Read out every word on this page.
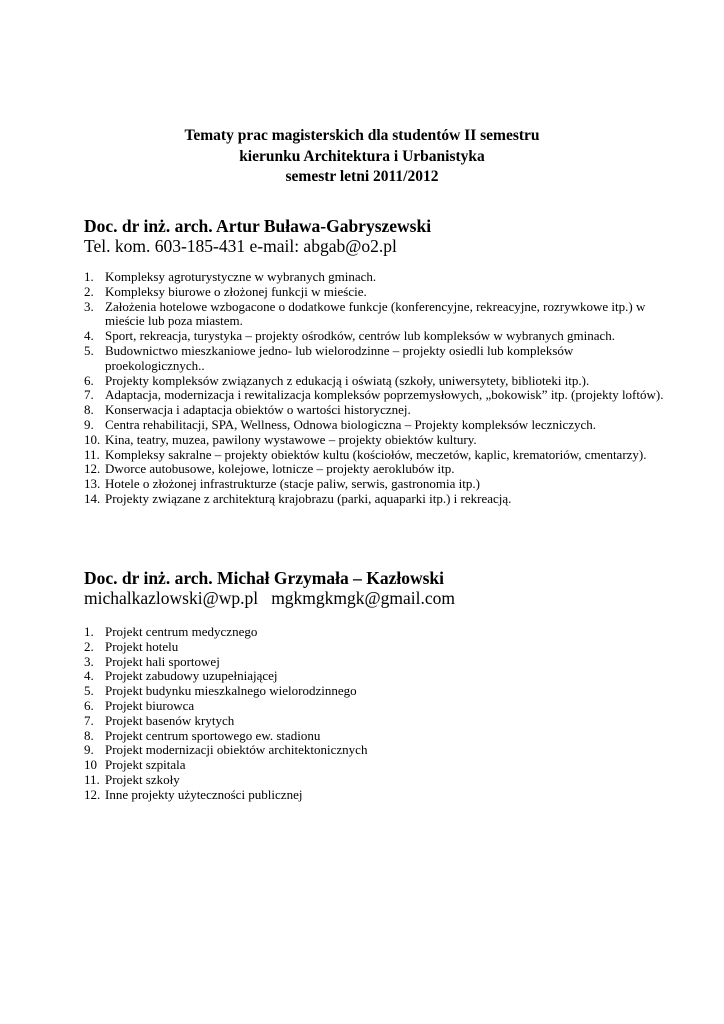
Tematy prac magisterskich dla studentów II semestru
kierunku Architektura i Urbanistyka
semestr letni 2011/2012
Doc. dr inż. arch. Artur Buława-Gabryszewski
Tel. kom. 603-185-431 e-mail: abgab@o2.pl
1. Kompleksy agroturystyczne w wybranych gminach.
2. Kompleksy biurowe o złożonej funkcji w mieście.
3. Założenia hotelowe wzbogacone o dodatkowe funkcje (konferencyjne, rekreacyjne, rozrywkowe itp.) w mieście lub poza miastem.
4. Sport, rekreacja, turystyka – projekty ośrodków, centrów lub kompleksów w wybranych gminach.
5. Budownictwo mieszkaniowe jedno- lub wielorodzinne – projekty osiedli lub kompleksów proekologicznych..
6. Projekty kompleksów związanych z edukacją i oświatą (szkoły, uniwersytety, biblioteki itp.).
7. Adaptacja, modernizacja i rewitalizacja kompleksów poprzemysłowych, „bokowisk” itp. (projekty loftów).
8. Konserwacja i adaptacja obiektów o wartości historycznej.
9. Centra rehabilitacji, SPA, Wellness, Odnowa biologiczna – Projekty kompleksów leczniczych.
10. Kina, teatry, muzea, pawilony wystawowe – projekty obiektów kultury.
11. Kompleksy sakralne – projekty obiektów kultu (kościołów, meczetów, kaplic, krematoriów, cmentarzy).
12. Dworce autobusowe, kolejowe, lotnicze – projekty aeroklubów itp.
13. Hotele o złożonej infrastrukturze (stacje paliw, serwis, gastronomia itp.)
14. Projekty związane z architekturą krajobrazu (parki, aquaparki itp.) i rekreacją.
Doc. dr inż. arch. Michał Grzymała – Kazłowski
michalkazlowski@wp.pl   mgkmgkmgk@gmail.com
1. Projekt centrum medycznego
2. Projekt hotelu
3. Projekt hali sportowej
4. Projekt zabudowy uzupełniającej
5. Projekt budynku mieszkalnego wielorodzinnego
6. Projekt biurowca
7. Projekt basenów krytych
8. Projekt centrum sportowego ew. stadionu
9. Projekt modernizacji obiektów architektonicznych
10 Projekt szpitala
11. Projekt szkoły
12. Inne projekty użyteczności publicznej
